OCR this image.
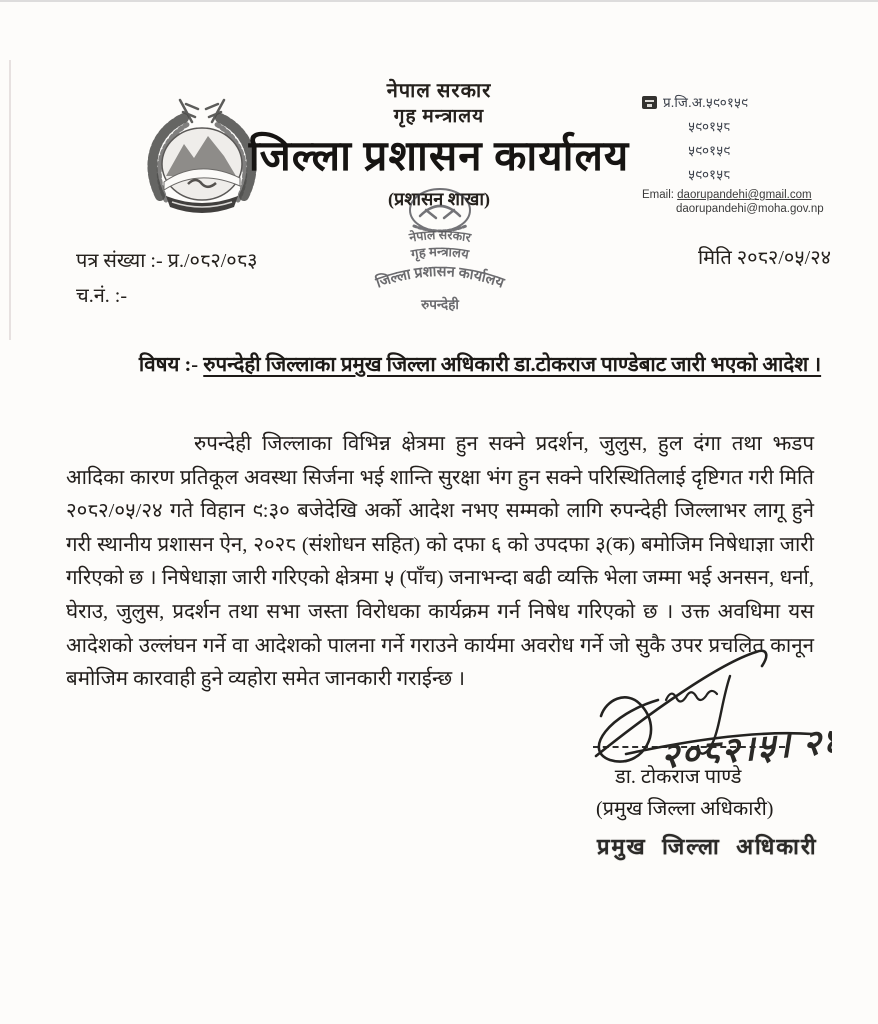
नेपाल सरकार
गृह मन्त्रालय
जिल्ला प्रशासन कार्यालय
(प्रशासन शाखा)
नेपाल सरकार
गृह मन्त्रालय
जिल्ला प्रशासन कार्यालय
रुपन्देही
प्र.जि.अ.५९०१५९
५९०१५८
५९०१५९
५९०१५८
Email: daorupandehi@gmail.com
daorupandehi@moha.gov.np
पत्र संख्या :- प्र./०८२/०८३	मिति २०८२/०५/२४
च.नं. :-
विषय :- रुपन्देही जिल्लाका प्रमुख जिल्ला अधिकारी डा.टोकराज पाण्डेबाट जारी भएको आदेश ।
रुपन्देही जिल्लाका विभिन्न क्षेत्रमा हुन सक्ने प्रदर्शन, जुलुस, हुल दंगा तथा झडप आदिका कारण प्रतिकूल अवस्था सिर्जना भई शान्ति सुरक्षा भंग हुन सक्ने परिस्थितिलाई दृष्टिगत गरी मिति २०८२/०५/२४ गते विहान ९:३० बजेदेखि अर्को आदेश नभए सम्मको लागि रुपन्देही जिल्लाभर लागू हुने गरी स्थानीय प्रशासन ऐन, २०२८ (संशोधन सहित) को दफा ६ को उपदफा ३(क) बमोजिम निषेधाज्ञा जारी गरिएको छ । निषेधाज्ञा जारी गरिएको क्षेत्रमा ५ (पाँच) जनाभन्दा बढी व्यक्ति भेला जम्मा भई अनसन, धर्ना, घेराउ, जुलुस, प्रदर्शन तथा सभा जस्ता विरोधका कार्यक्रम गर्न निषेध गरिएको छ । उक्त अवधिमा यस आदेशको उल्लंघन गर्ने वा आदेशको पालना गर्ने गराउने कार्यमा अवरोध गर्ने जो सुकै उपर प्रचलित कानून बमोजिम कारवाही हुने व्यहोरा समेत जानकारी गराईन्छ ।
२०८२।५। २४
डा. टोकराज पाण्डे
(प्रमुख जिल्ला अधिकारी)
प्रमुख जिल्ला अधिकारी
